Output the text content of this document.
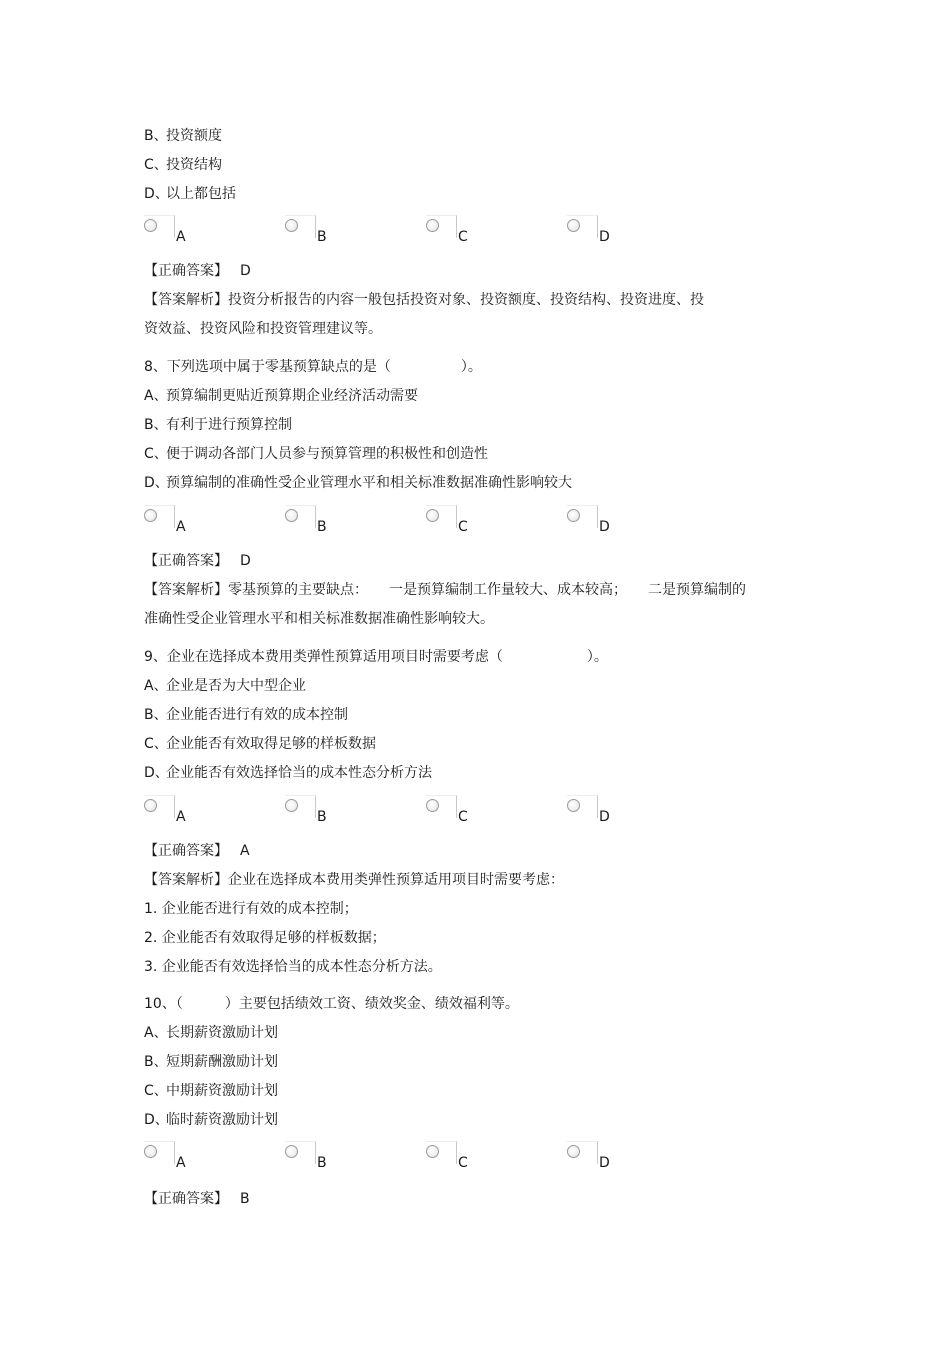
B、投资额度
C、投资结构
D、以上都包括
A	B	C	D
【正确答案】 D
【答案解析】投资分析报告的内容一般包括投资对象、投资额度、投资结构、投资进度、投
资效益、投资风险和投资管理建议等。
8、下列选项中属于零基预算缺点的是（　　　　　）。
A、预算编制更贴近预算期企业经济活动需要
B、有利于进行预算控制
C、便于调动各部门人员参与预算管理的积极性和创造性
D、预算编制的准确性受企业管理水平和相关标准数据准确性影响较大
A	B	C	D
【正确答案】 D
【答案解析】零基预算的主要缺点：　　一是预算编制工作量较大、成本较高；　　二是预算编制的
准确性受企业管理水平和相关标准数据准确性影响较大。
9、企业在选择成本费用类弹性预算适用项目时需要考虑（　　　　　　）。
A、企业是否为大中型企业
B、企业能否进行有效的成本控制
C、企业能否有效取得足够的样板数据
D、企业能否有效选择恰当的成本性态分析方法
A	B	C	D
【正确答案】 A
【答案解析】企业在选择成本费用类弹性预算适用项目时需要考虑：
1. 企业能否进行有效的成本控制；
2. 企业能否有效取得足够的样板数据；
3. 企业能否有效选择恰当的成本性态分析方法。
10、（　　　）主要包括绩效工资、绩效奖金、绩效福利等。
A、长期薪资激励计划
B、短期薪酬激励计划
C、中期薪资激励计划
D、临时薪资激励计划
A	B	C	D
【正确答案】 B
